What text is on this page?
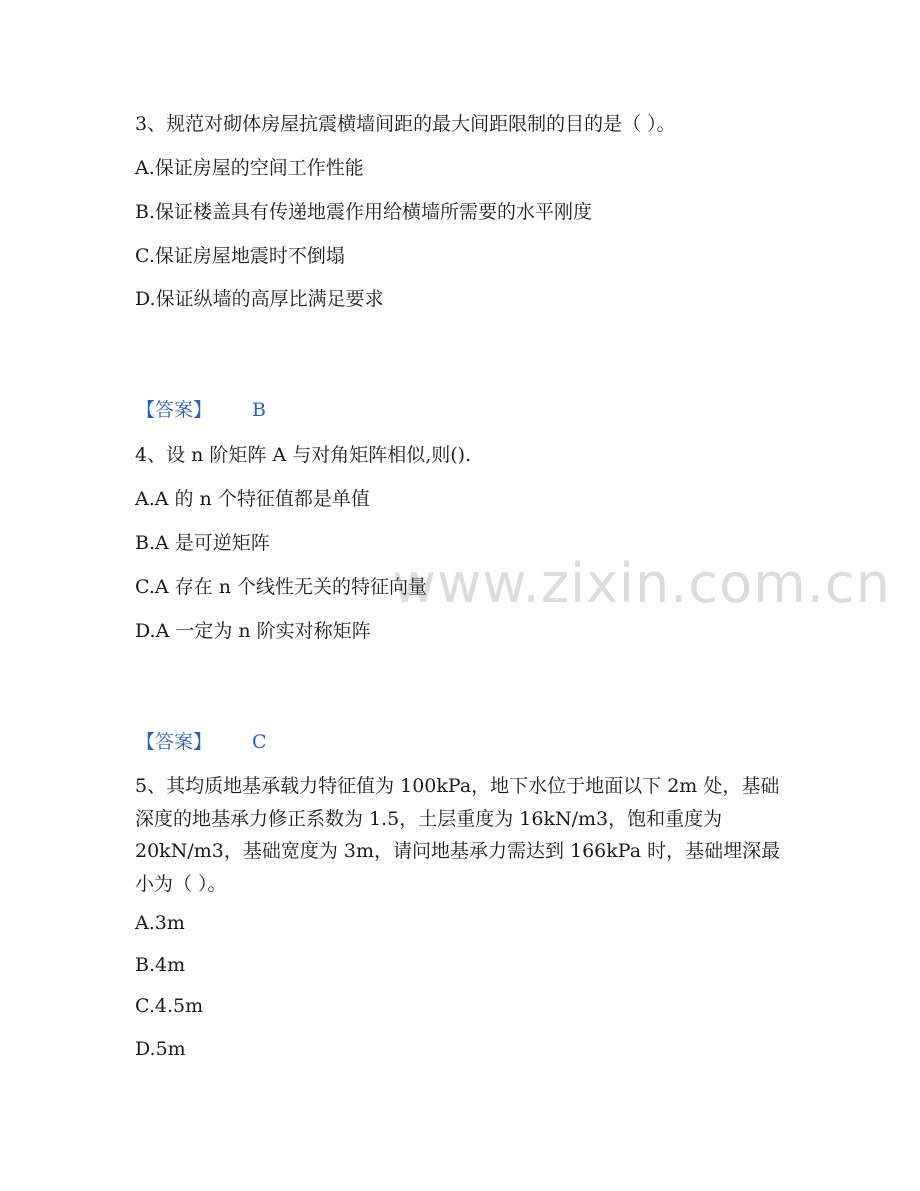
www.zixin.com.cn
3、规范对砌体房屋抗震横墙间距的最大间距限制的目的是（ ）。
A.保证房屋的空间工作性能
B.保证楼盖具有传递地震作用给横墙所需要的水平刚度
C.保证房屋地震时不倒塌
D.保证纵墙的高厚比满足要求
【答案】 B
4、设 n 阶矩阵 A 与对角矩阵相似,则().
A.A 的 n 个特征值都是单值
B.A 是可逆矩阵
C.A 存在 n 个线性无关的特征向量
D.A 一定为 n 阶实对称矩阵
【答案】 C
5、其均质地基承载力特征值为 100kPa，地下水位于地面以下 2m 处，基础深度的地基承力修正系数为 1.5，土层重度为 16kN/m3，饱和重度为 20kN/m3，基础宽度为 3m，请问地基承力需达到 166kPa 时，基础埋深最小为（ ）。
A.3m
B.4m
C.4.5m
D.5m
